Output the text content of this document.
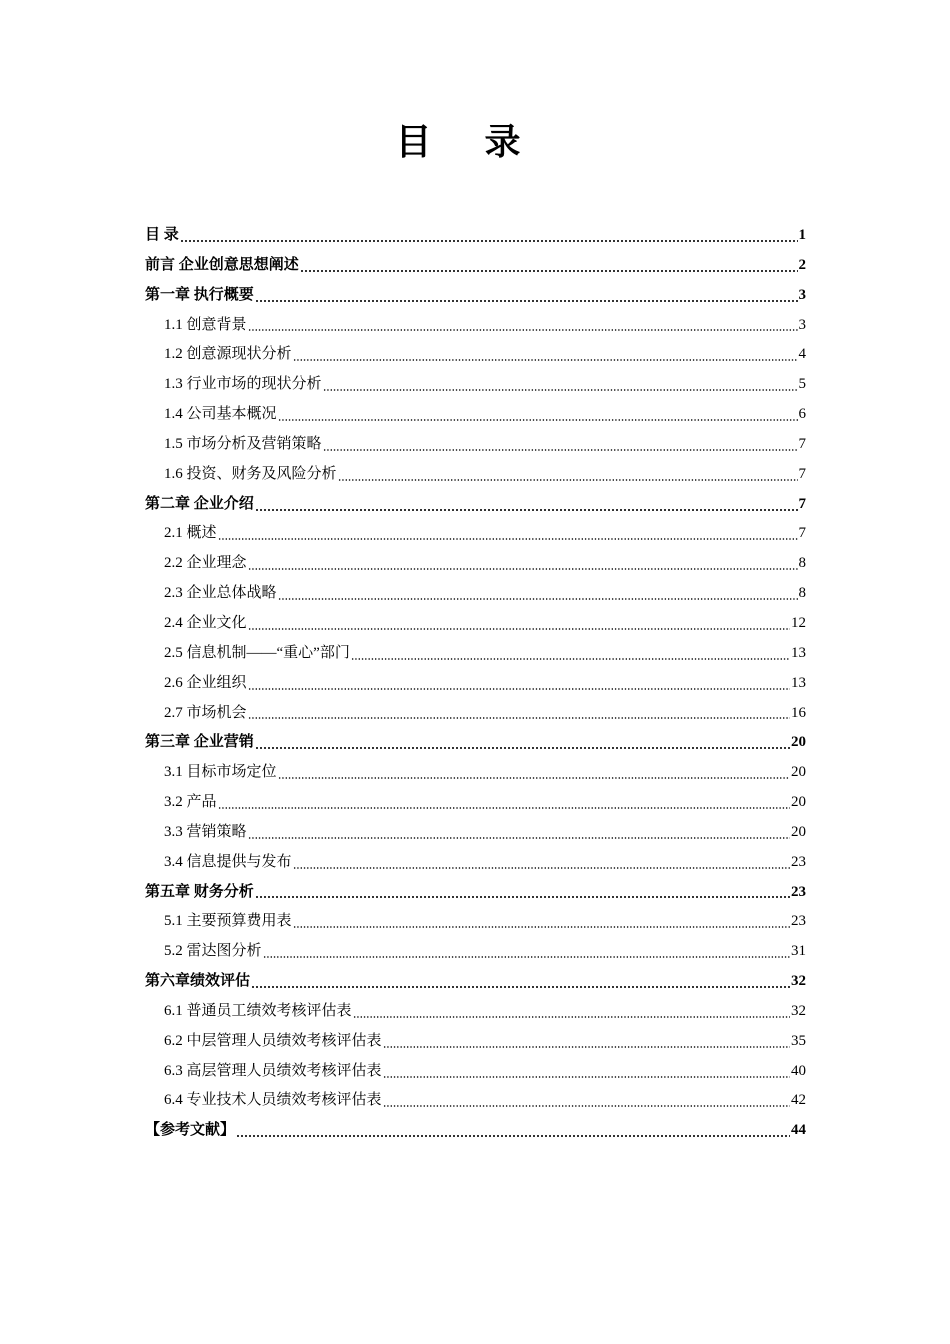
目 录
目 录	1
前言 企业创意思想阐述	2
第一章 执行概要	3
1.1 创意背景	3
1.2 创意源现状分析	4
1.3 行业市场的现状分析	5
1.4 公司基本概况	6
1.5 市场分析及营销策略	7
1.6 投资、财务及风险分析	7
第二章 企业介绍	7
2.1 概述	7
2.2 企业理念	8
2.3 企业总体战略	8
2.4 企业文化	12
2.5 信息机制——“重心”部门	13
2.6 企业组织	13
2.7 市场机会	16
第三章 企业营销	20
3.1 目标市场定位	20
3.2 产品	20
3.3 营销策略	20
3.4 信息提供与发布	23
第五章 财务分析	23
5.1 主要预算费用表	23
5.2 雷达图分析	31
第六章绩效评估	32
6.1 普通员工绩效考核评估表	32
6.2 中层管理人员绩效考核评估表	35
6.3 高层管理人员绩效考核评估表	40
6.4 专业技术人员绩效考核评估表	42
【参考文献】	44
